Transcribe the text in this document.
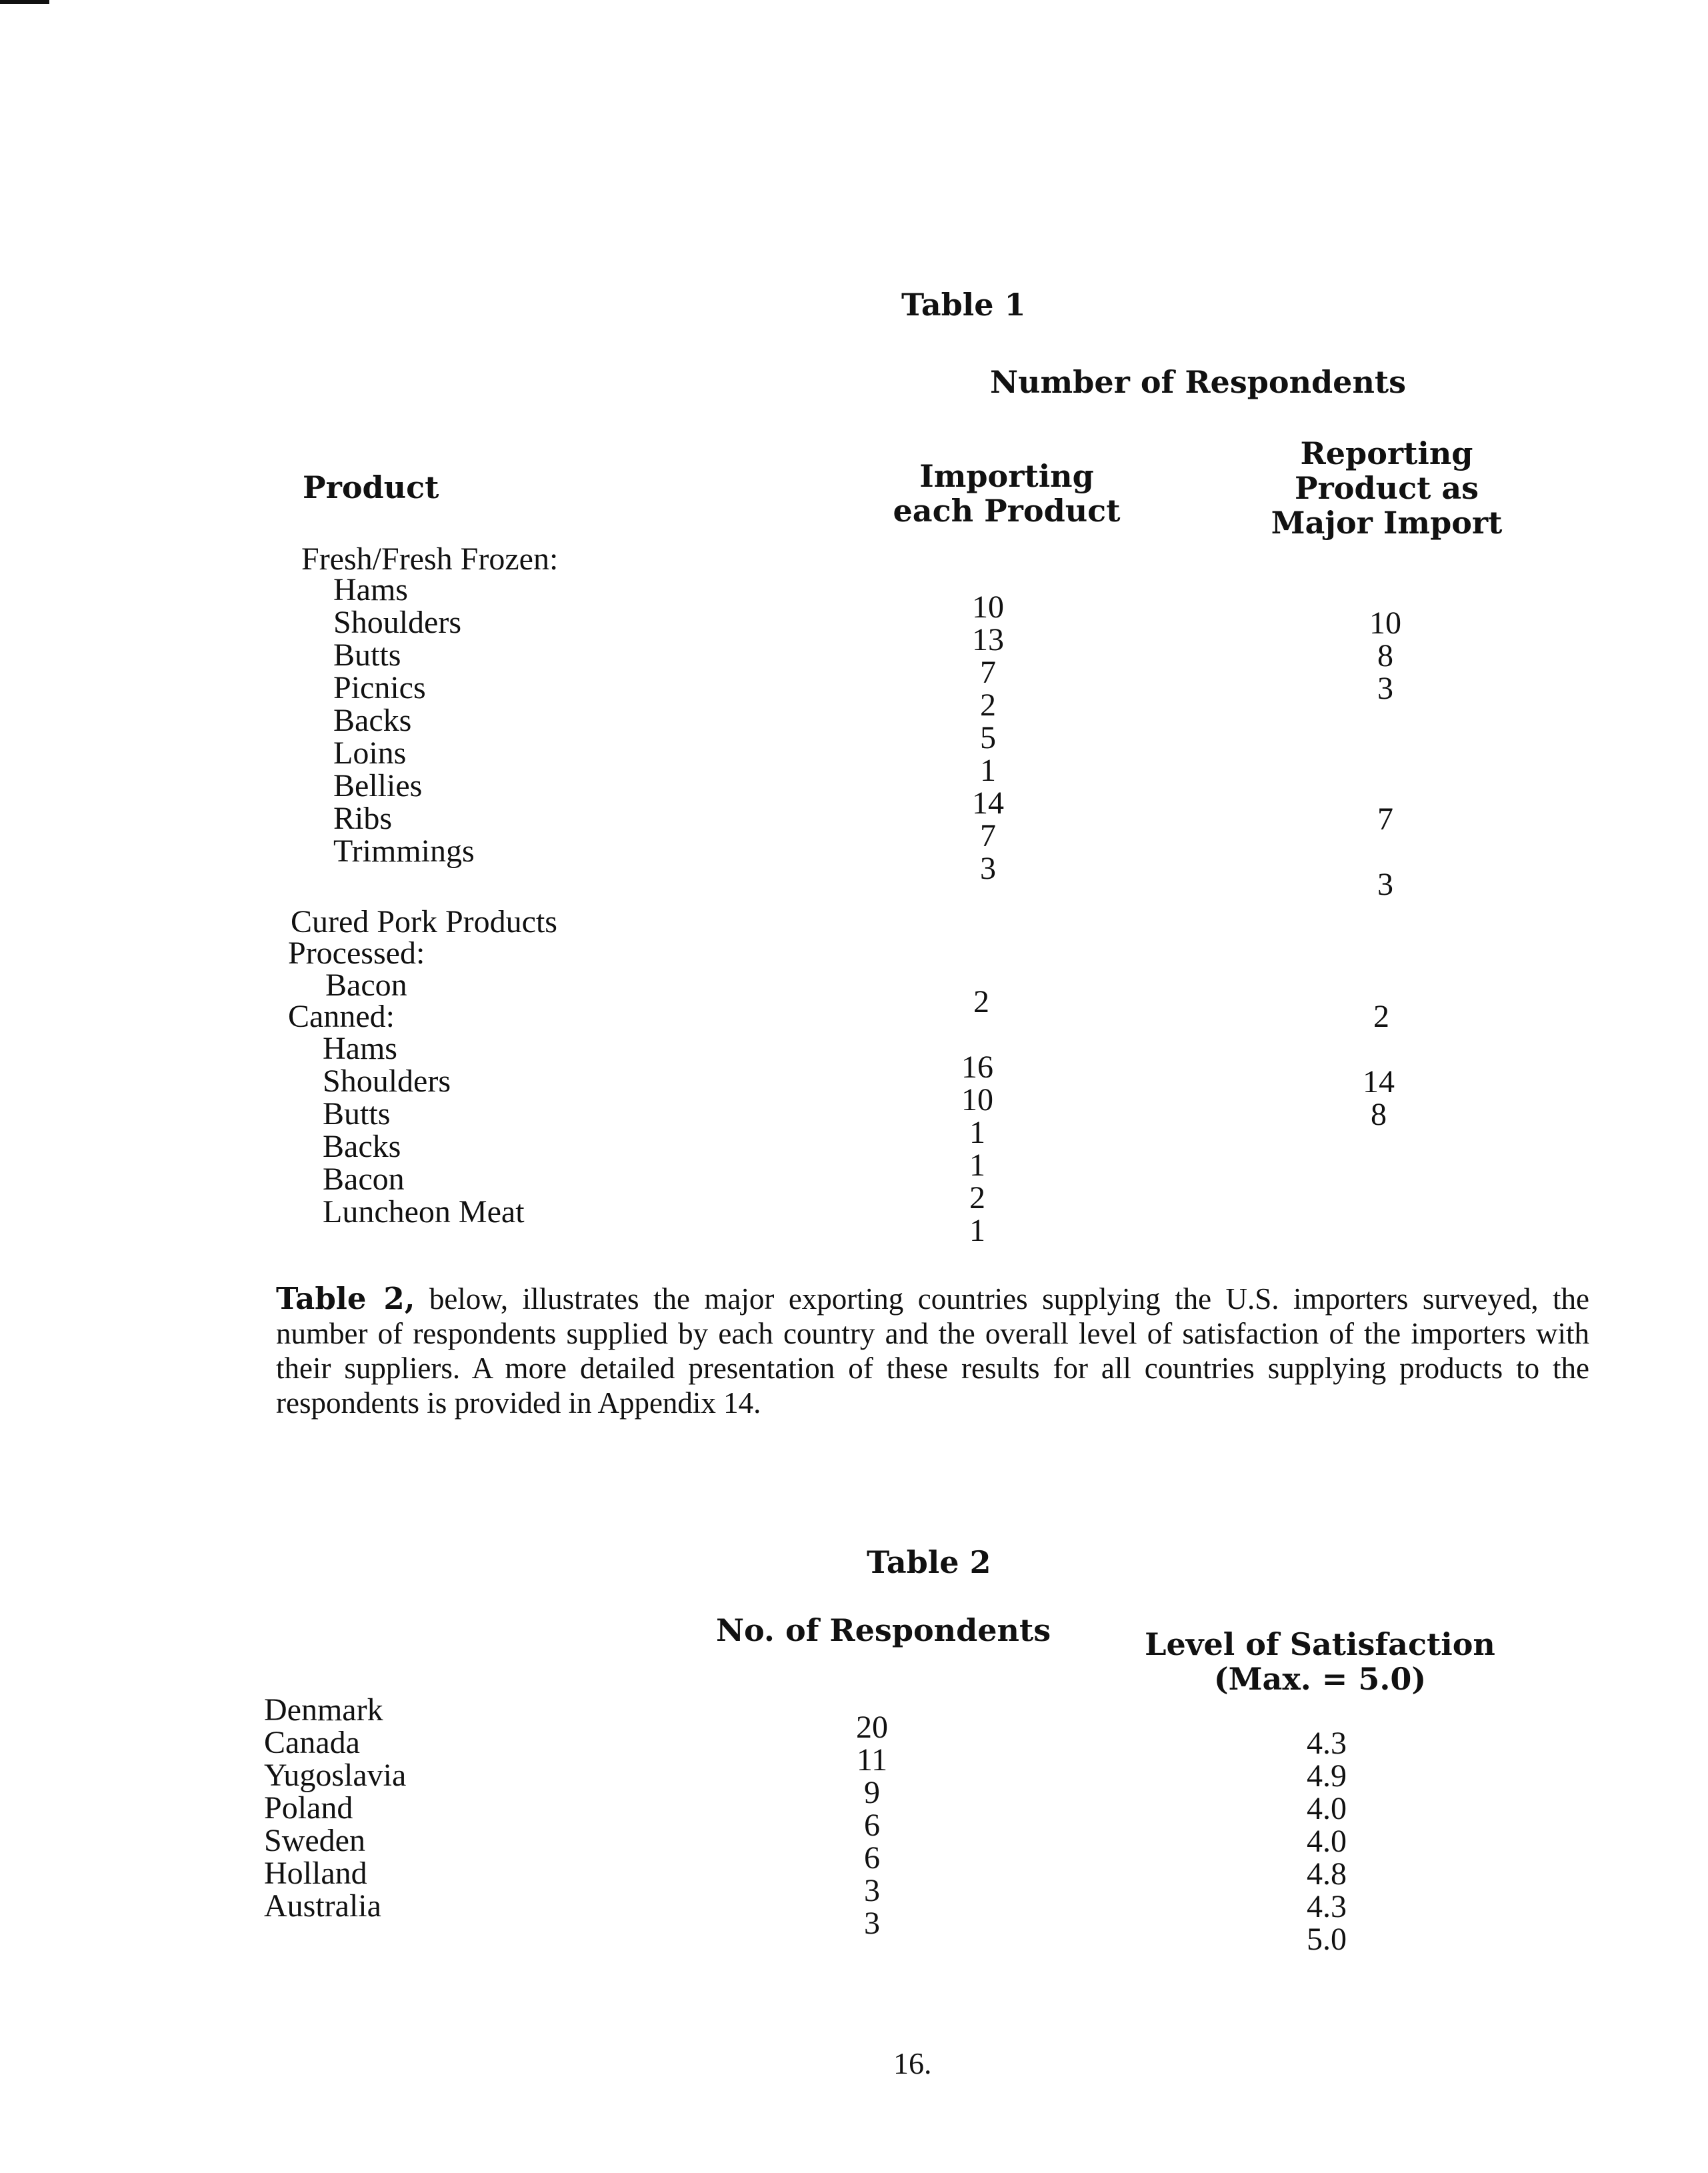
Table 1
Number of Respondents
Product	Importing
each Product
Reporting
Product as
Major Import
Fresh/Fresh Frozen:
Hams
Shoulders
Butts
Picnics
Backs
Loins
Bellies
Ribs
Trimmings
10
13
7
2
5
1
14
7
3
10
8
3
7
3
Cured Pork Products
Processed:
Bacon
Canned:
Hams
Shoulders
Butts
Backs
Bacon
Luncheon Meat
2
16
10
1
1
2
1
2
14
8
Table 2, below, illustrates the major exporting countries supplying the U.S. importers surveyed, the number of respondents supplied by each country and the overall level of satisfaction of the importers with their suppliers. A more detailed presentation of these results for all countries supplying products to the respondents is provided in Appendix 14.
Table 2
No. of Respondents	Level of Satisfaction
(Max. = 5.0)
Denmark
Canada
Yugoslavia
Poland
Sweden
Holland
Australia
20
11
9
6
6
3
3
4.3
4.9
4.0
4.0
4.8
4.3
5.0
16.
